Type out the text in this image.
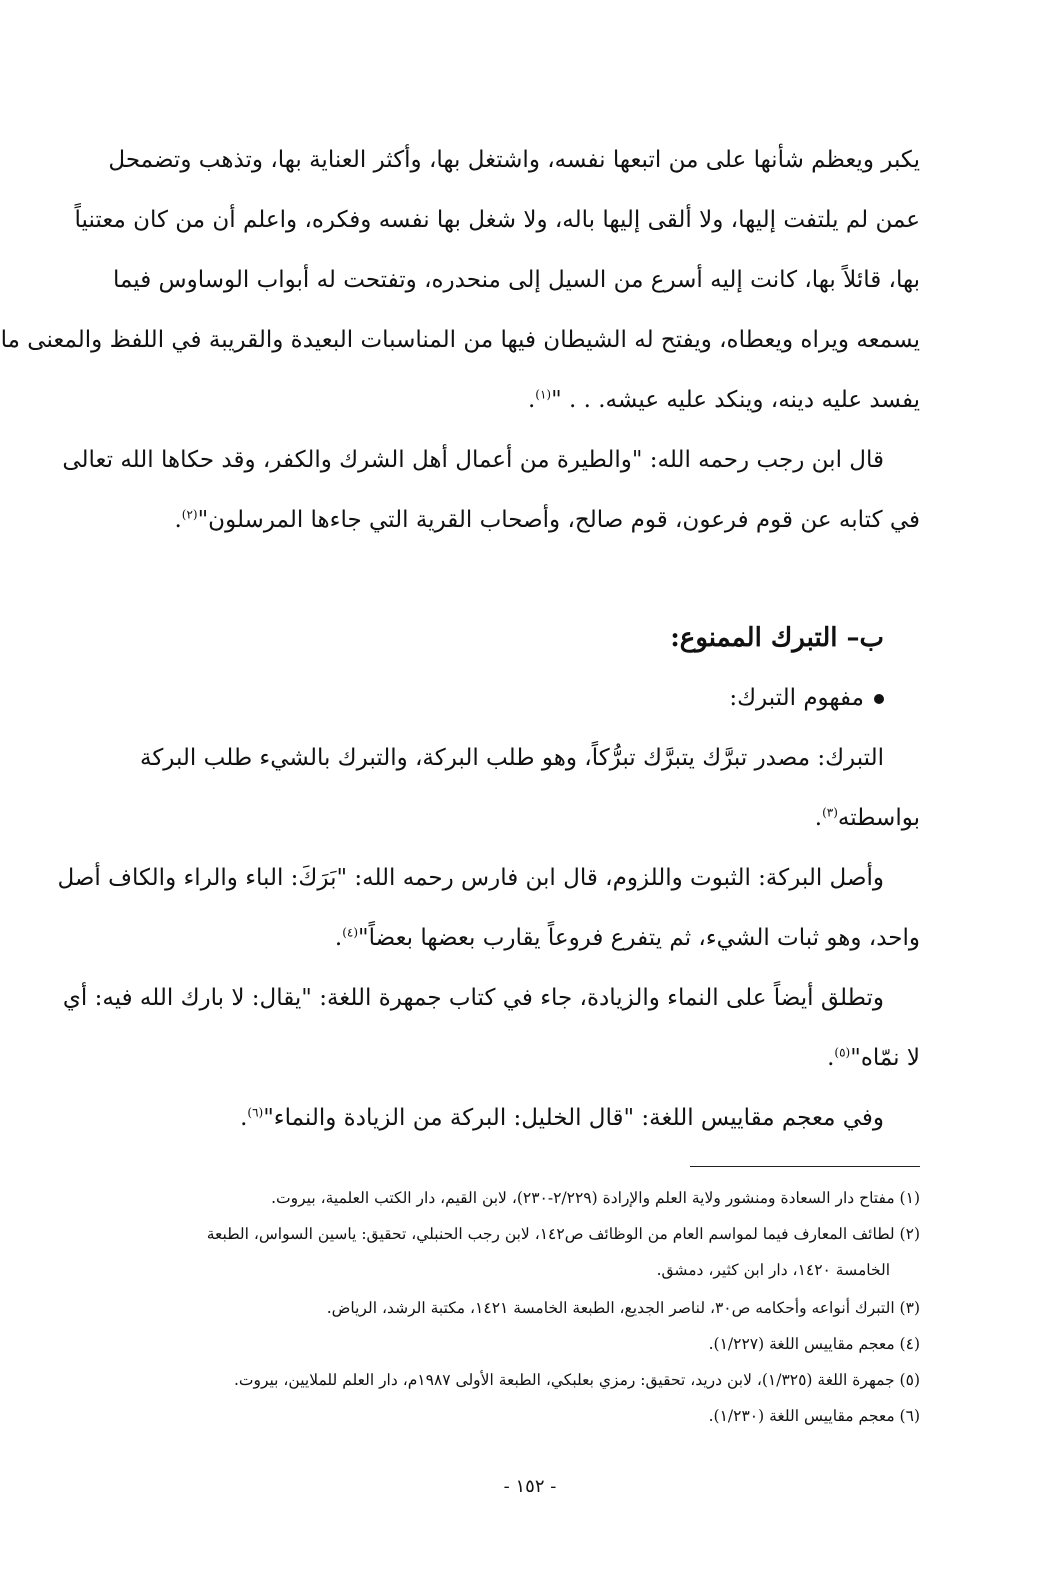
يكبر ويعظم شأنها على من اتبعها نفسه، واشتغل بها، وأكثر العناية بها، وتذهب وتضمحل
عمن لم يلتفت إليها، ولا ألقى إليها باله، ولا شغل بها نفسه وفكره، واعلم أن من كان معتنياً
بها، قائلاً بها، كانت إليه أسرع من السيل إلى منحدره، وتفتحت له أبواب الوساوس فيما
يسمعه ويراه ويعطاه، ويفتح له الشيطان فيها من المناسبات البعيدة والقريبة في اللفظ والمعنى ما
يفسد عليه دينه، وينكد عليه عيشه. . . "$^{(١)}$.
قال ابن رجب رحمه الله: "والطيرة من أعمال أهل الشرك والكفر، وقد حكاها الله تعالى
في كتابه عن قوم فرعون، قوم صالح، وأصحاب القرية التي جاءها المرسلون"$^{(٢)}$.
ب– التبرك الممنوع:
مفهوم التبرك:
التبرك: مصدر تبرَّك يتبرَّك تبرُّكاً، وهو طلب البركة، والتبرك بالشيء طلب البركة
بواسطته$^{(٣)}$.
وأصل البركة: الثبوت واللزوم، قال ابن فارس رحمه الله: "بَرَكَ: الباء والراء والكاف أصل
واحد، وهو ثبات الشيء، ثم يتفرع فروعاً يقارب بعضها بعضاً"$^{(٤)}$.
وتطلق أيضاً على النماء والزيادة، جاء في كتاب جمهرة اللغة: "يقال: لا بارك الله فيه: أي
لا نمّاه"$^{(٥)}$.
وفي معجم مقاييس اللغة: "قال الخليل: البركة من الزيادة والنماء"$^{(٦)}$.
(١) مفتاح دار السعادة ومنشور ولاية العلم والإرادة (٢/٢٢٩-٢٣٠)، لابن القيم، دار الكتب العلمية، بيروت.
(٢) لطائف المعارف فيما لمواسم العام من الوظائف ص١٤٢، لابن رجب الحنبلي، تحقيق: ياسين السواس، الطبعة
الخامسة ١٤٢٠، دار ابن كثير، دمشق.
(٣) التبرك أنواعه وأحكامه ص٣٠، لناصر الجديع، الطبعة الخامسة ١٤٢١، مكتبة الرشد، الرياض.
(٤) معجم مقاييس اللغة (١/٢٢٧).
(٥) جمهرة اللغة (١/٣٢٥)، لابن دريد، تحقيق: رمزي بعلبكي، الطبعة الأولى ١٩٨٧م، دار العلم للملايين، بيروت.
(٦) معجم مقاييس اللغة (١/٢٣٠).
- ١٥٢ -
